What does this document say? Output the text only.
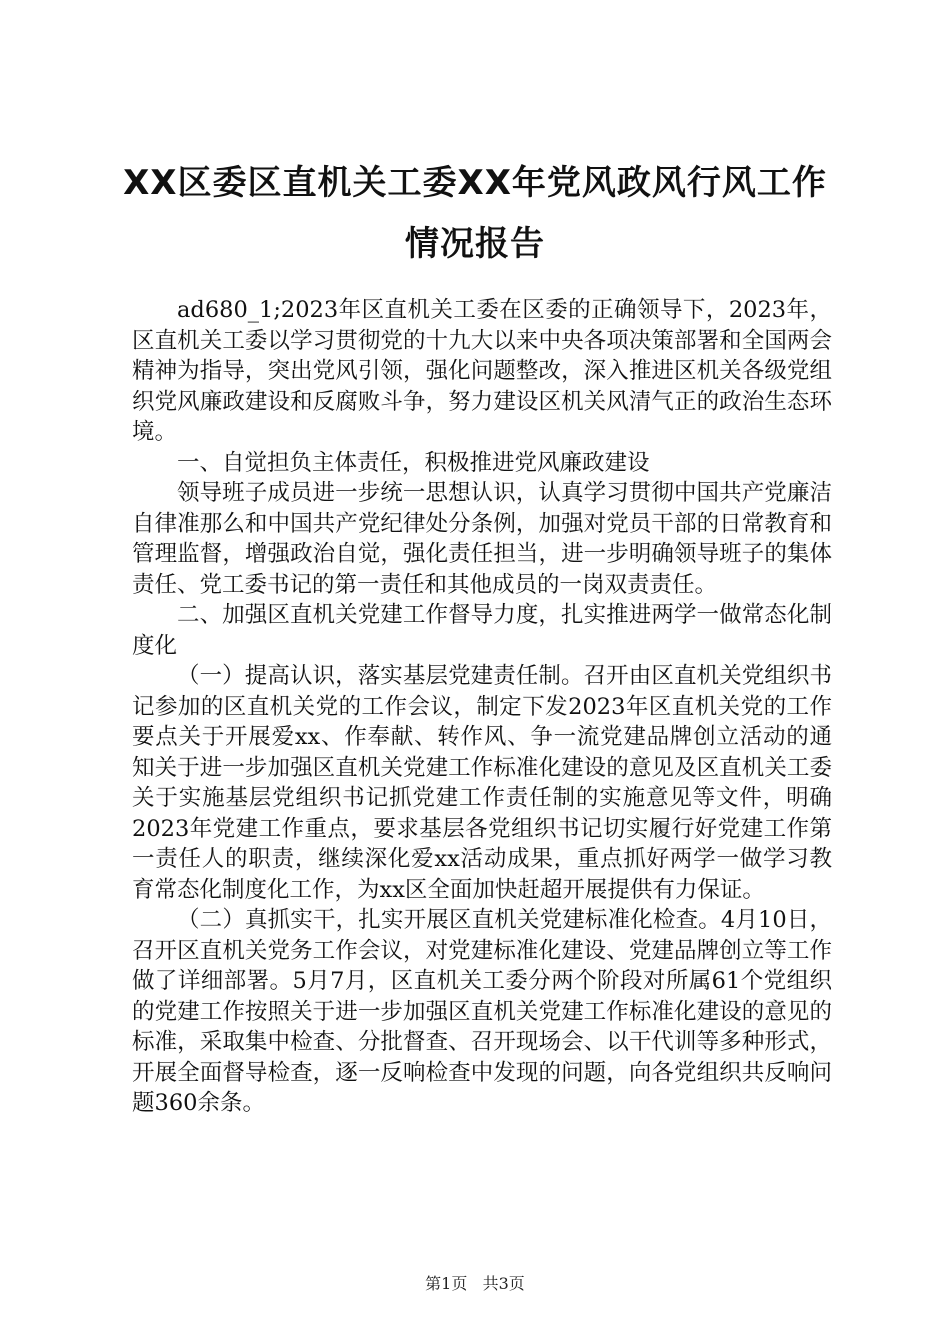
XX区委区直机关工委XX年党风政风行风工作
情况报告

ad680_1;2023年区直机关工委在区委的正确领导下，2023年，区直机关工委以学习贯彻党的十九大以来中央各项决策部署和全国两会精神为指导，突出党风引领，强化问题整改，深入推进区机关各级党组织党风廉政建设和反腐败斗争，努力建设区机关风清气正的政治生态环境。

一、自觉担负主体责任，积极推进党风廉政建设

领导班子成员进一步统一思想认识，认真学习贯彻中国共产党廉洁自律准那么和中国共产党纪律处分条例，加强对党员干部的日常教育和管理监督，增强政治自觉，强化责任担当，进一步明确领导班子的集体责任、党工委书记的第一责任和其他成员的一岗双责责任。

二、加强区直机关党建工作督导力度，扎实推进两学一做常态化制度化

（一）提高认识，落实基层党建责任制。召开由区直机关党组织书记参加的区直机关党的工作会议，制定下发2023年区直机关党的工作要点关于开展爱xx、作奉献、转作风、争一流党建品牌创立活动的通知关于进一步加强区直机关党建工作标准化建设的意见及区直机关工委关于实施基层党组织书记抓党建工作责任制的实施意见等文件，明确2023年党建工作重点，要求基层各党组织书记切实履行好党建工作第一责任人的职责，继续深化爱xx活动成果，重点抓好两学一做学习教育常态化制度化工作，为xx区全面加快赶超开展提供有力保证。

（二）真抓实干，扎实开展区直机关党建标准化检查。4月10日，召开区直机关党务工作会议，对党建标准化建设、党建品牌创立等工作做了详细部署。5月7月，区直机关工委分两个阶段对所属61个党组织的党建工作按照关于进一步加强区直机关党建工作标准化建设的意见的标准，采取集中检查、分批督查、召开现场会、以干代训等多种形式，开展全面督导检查，逐一反响检查中发现的问题，向各党组织共反响问题360余条。

第1页 共3页
